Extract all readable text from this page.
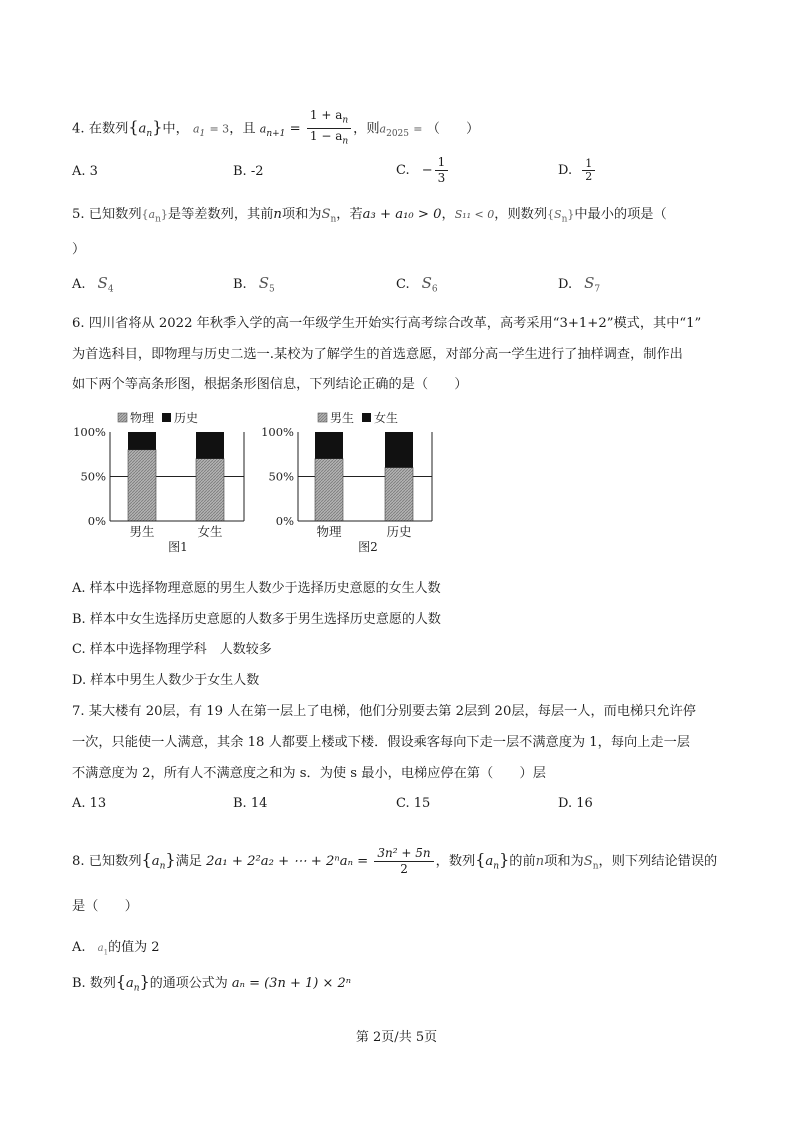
4. 在数列$\{a_n\}$中， $a_1 = 3$，且 $a_{n+1} = \frac{1 + a_n}{1 - a_n}$ ，则$a_{2025}$ = （　　）
A. 3	B. -2	C. − $\frac{1}{3}$	D. $\frac{1}{2}$
5. 已知数列$\{a_n\}$是等差数列，其前n项和为$S_n$，若a₃ + a₁₀ > 0，S₁₁ < 0，则数列$\{S_n\}$中最小的项是（
）
A. $S_4$	B. $S_5$	C. $S_6$	D. $S_7$
6. 四川省将从 2022 年秋季入学的高一年级学生开始实行高考综合改革，高考采用“3+1+2”模式，其中“1”
为首选科目，即物理与历史二选一.某校为了解学生的首选意愿，对部分高一学生进行了抽样调查，制作出
如下两个等高条形图，根据条形图信息，下列结论正确的是（　　）
物理 历史
100%
50%
0%
男生	女生
图1
男生 女生
100%
50%
0%
物理	历史
图2
A. 样本中选择物理意愿的男生人数少于选择历史意愿的女生人数
B. 样本中女生选择历史意愿的人数多于男生选择历史意愿的人数
C. 样本中选择物理学科　人数较多
D. 样本中男生人数少于女生人数
7. 某大楼有 20层，有 19 人在第一层上了电梯，他们分别要去第 2层到 20层，每层一人，而电梯只允许停
一次，只能使一人满意，其余 18 人都要上楼或下楼．假设乘客每向下走一层不满意度为 1，每向上走一层
不满意度为 2，所有人不满意度之和为 s．为使 s 最小，电梯应停在第（　　）层
A. 13	B. 14	C. 15	D. 16
8. 已知数列$\{a_n\}$满足 2a₁ + 2²a₂ + ⋯ + $2^na_n = \frac{\text{3n² + 5n}}{2}$ ，数列$\{a_n\}$的前n项和为$S_n$，则下列结论错误的
是（　　）
A. $a_1$的值为 2
B. 数列$\{a_n\}$的通项公式为 aₙ = (3n + 1) × 2ⁿ
第 2页/共 5页
